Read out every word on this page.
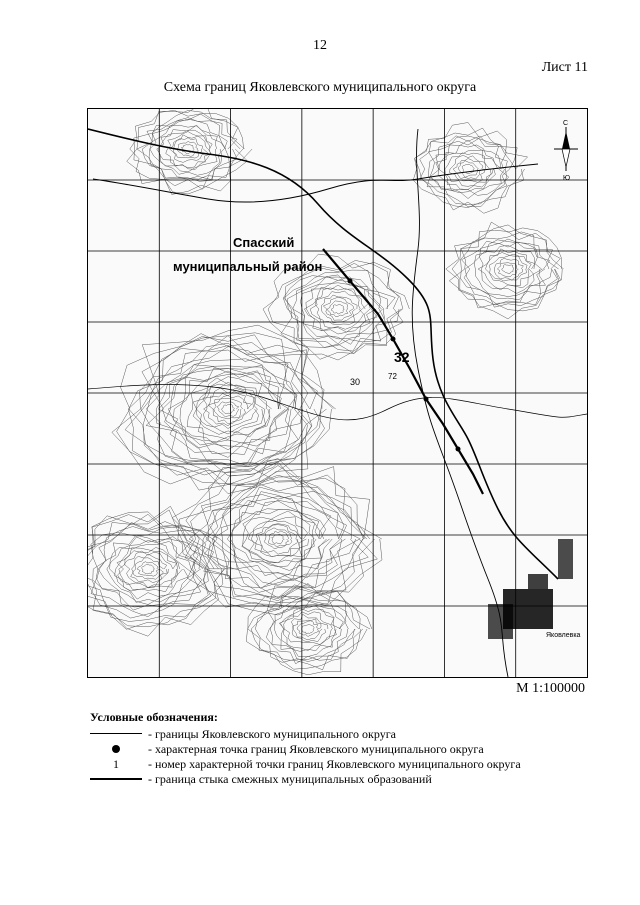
12
Лист 11
Схема границ Яковлевского муниципального округа
Спасский
муниципальный район
32
72
30
Яковлевка
С
Ю
М 1:100000
Условные обозначения:
- границы Яковлевского муниципального округа
- характерная точка границ Яковлевского муниципального округа
1	- номер характерной точки границ Яковлевского муниципального округа
- граница стыка смежных муниципальных образований
